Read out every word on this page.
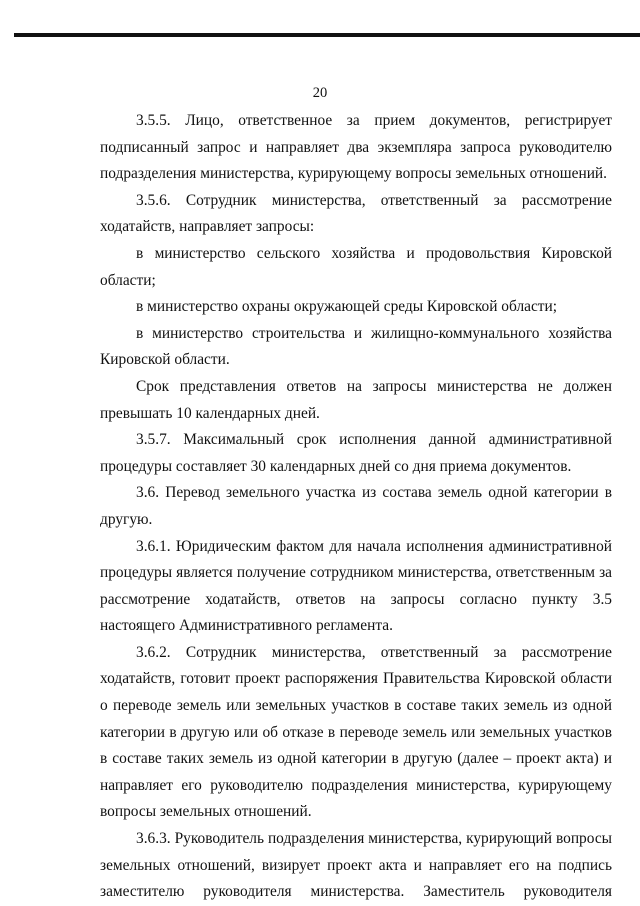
20

3.5.5. Лицо, ответственное за прием документов, регистрирует подписанный запрос и направляет два экземпляра запроса руководителю подразделения министерства, курирующему вопросы земельных отношений.

3.5.6. Сотрудник министерства, ответственный за рассмотрение ходатайств, направляет запросы:

в министерство сельского хозяйства и продовольствия Кировской области;

в министерство охраны окружающей среды Кировской области;

в министерство строительства и жилищно-коммунального хозяйства Кировской области.

Срок представления ответов на запросы министерства не должен превышать 10 календарных дней.

3.5.7. Максимальный срок исполнения данной административной процедуры составляет 30 календарных дней со дня приема документов.

3.6. Перевод земельного участка из состава земель одной категории в другую.

3.6.1. Юридическим фактом для начала исполнения административной процедуры является получение сотрудником министерства, ответственным за рассмотрение ходатайств, ответов на запросы согласно пункту 3.5 настоящего Административного регламента.

3.6.2. Сотрудник министерства, ответственный за рассмотрение ходатайств, готовит проект распоряжения Правительства Кировской области о переводе земель или земельных участков в составе таких земель из одной категории в другую или об отказе в переводе земель или земельных участков в составе таких земель из одной категории в другую (далее – проект акта) и направляет его руководителю подразделения министерства, курирующему вопросы земельных отношений.

3.6.3. Руководитель подразделения министерства, курирующий вопросы земельных отношений, визирует проект акта и направляет его на подпись заместителю руководителя министерства. Заместитель руководителя
